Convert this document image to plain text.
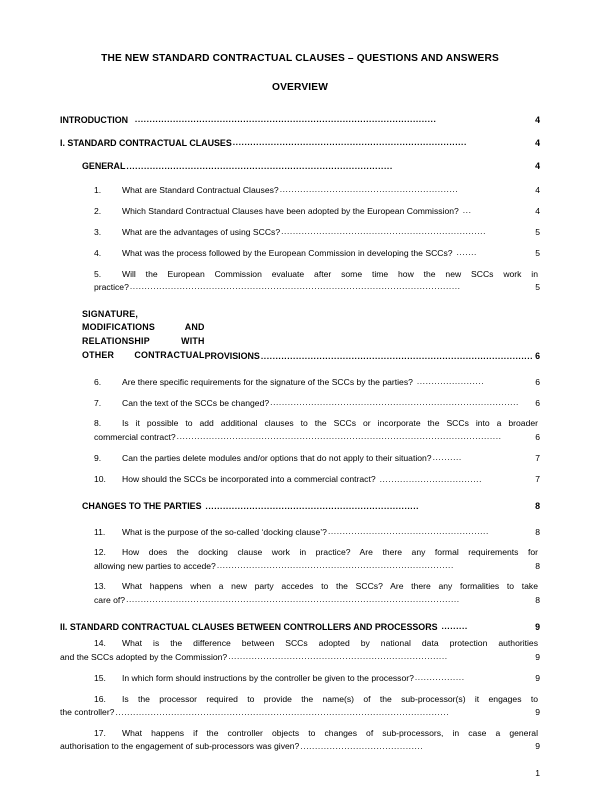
THE NEW STANDARD CONTRACTUAL CLAUSES – QUESTIONS AND ANSWERS
OVERVIEW
INTRODUCTION .......................................................................................................	4
I. STANDARD CONTRACTUAL CLAUSES ................................................................................	4
GENERAL ...........................................................................................	4
1.	What are Standard Contractual Clauses? .............................................................	4
2.	Which Standard Contractual Clauses have been adopted by the European Commission? ...	4
3.	What are the advantages of using SCCs? ......................................................................	5
4.	What was the process followed by the European Commission in developing the SCCs? .......	5
5. Will the European Commission evaluate after some time how the new SCCs work in
practice? .................................................................................................................	5
SIGNATURE, MODIFICATIONS AND RELATIONSHIP WITH OTHER CONTRACTUAL PROVISIONS ............................................................................................. 6
6.	Are there specific requirements for the signature of the SCCs by the parties? .......................	6
7.	Can the text of the SCCs be changed? .....................................................................................	6
8. Is it possible to add additional clauses to the SCCs or incorporate the SCCs into a broader
commercial contract? ...............................................................................................................	6
9.	Can the parties delete modules and/or options that do not apply to their situation? ..........	7
10.	How should the SCCs be incorporated into a commercial contract? ...................................	7
CHANGES TO THE PARTIES .........................................................................	8
11.	What is the purpose of the so-called ‘docking clause’? .......................................................	8
12. How does the docking clause work in practice? Are there any formal requirements for
allowing new parties to accede? .................................................................................	8
13. What happens when a new party accedes to the SCCs? Are there any formalities to take
care of? ..................................................................................................................	8
II. STANDARD CONTRACTUAL CLAUSES BETWEEN CONTROLLERS AND PROCESSORS .........	9
14. What is the difference between SCCs adopted by national data protection authorities
and the SCCs adopted by the Commission? ...........................................................................	9
15.	In which form should instructions by the controller be given to the processor? .................	9
16. Is the processor required to provide the name(s) of the sub-processor(s) it engages to
the controller? ..................................................................................................................	9
17. What happens if the controller objects to changes of sub-processors, in case a general
authorisation to the engagement of sub-processors was given? ..........................................	9
1
